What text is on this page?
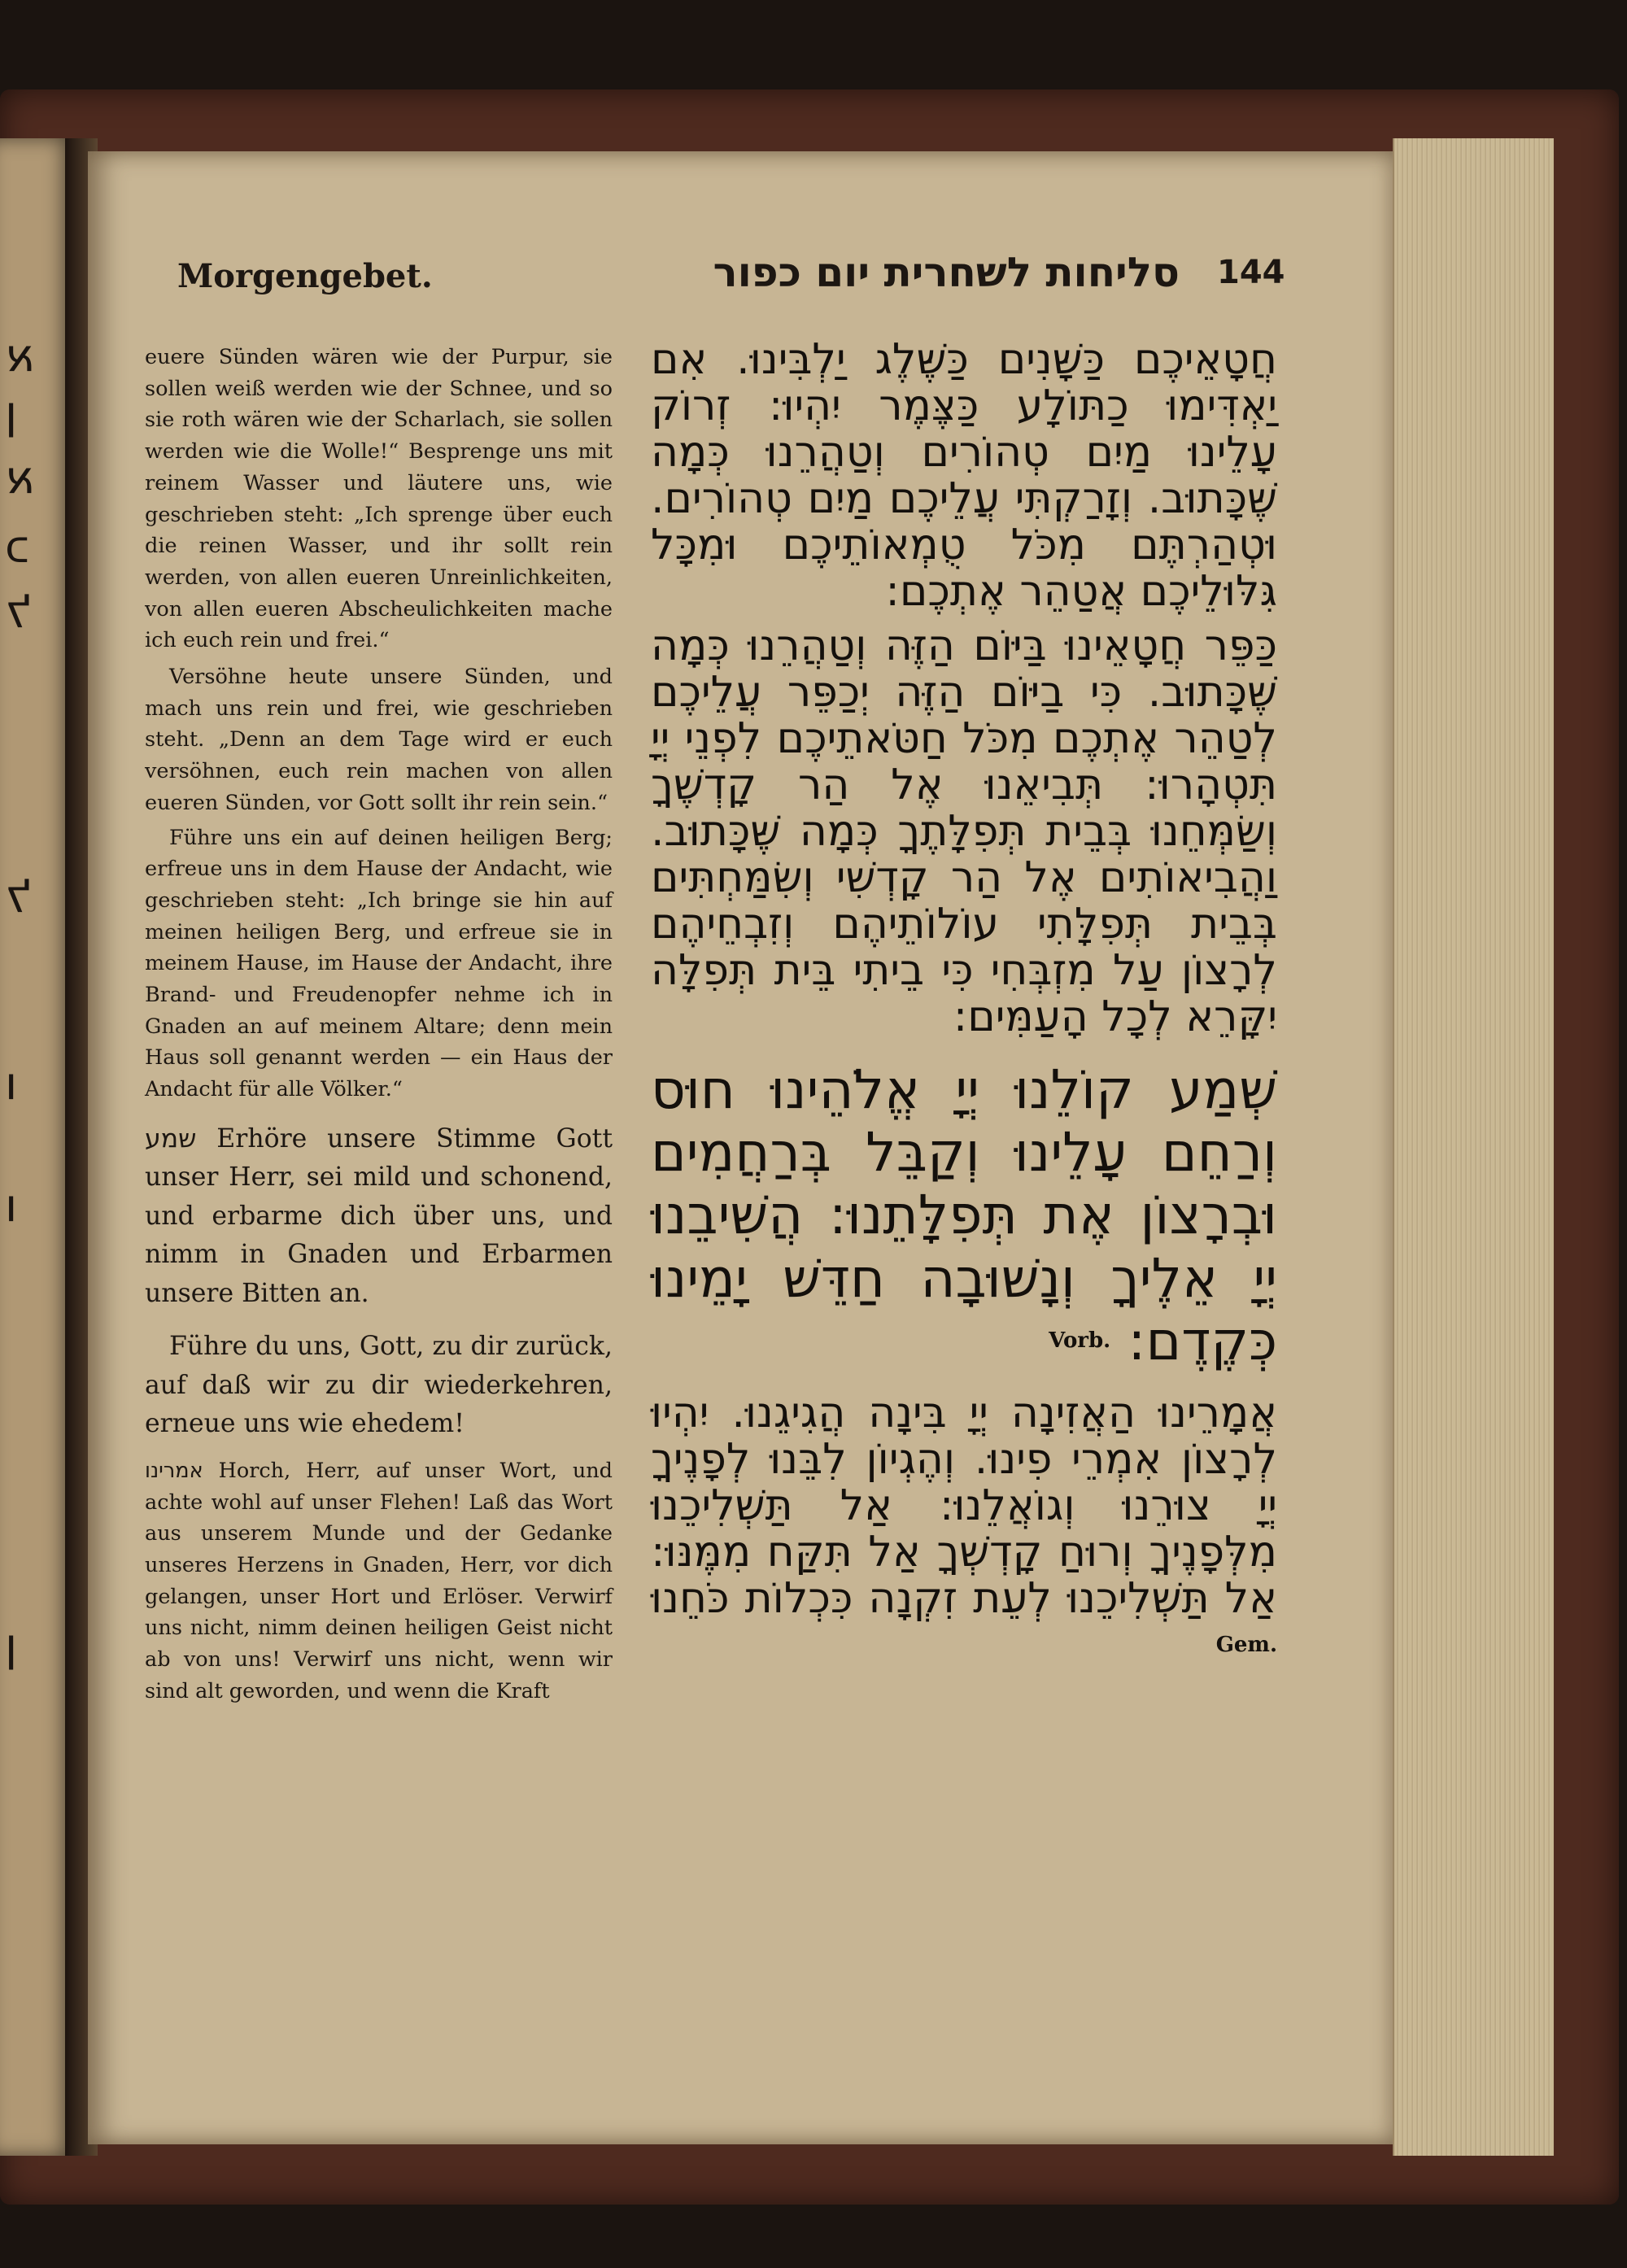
א
ן
א
כ
ל
ל
ו
ו
ן
Morgengebet.	סליחות לשחרית יום כפור 144

euere Sünden wären wie der Purpur, sie sollen weiß werden wie der Schnee, und so sie roth wären wie der Scharlach, sie sollen werden wie die Wolle!“ Besprenge uns mit reinem Wasser und läutere uns, wie geschrieben steht: „Ich sprenge über euch die reinen Wasser, und ihr sollt rein werden, von allen eueren Unreinlichkeiten, von allen eueren Abscheulichkeiten mache ich euch rein und frei.“

Versöhne heute unsere Sünden, und mach uns rein und frei, wie geschrieben steht. „Denn an dem Tage wird er euch versöhnen, euch rein machen von allen eueren Sünden, vor Gott sollt ihr rein sein.“

Führe uns ein auf deinen heiligen Berg; erfreue uns in dem Hause der Andacht, wie geschrieben steht: „Ich bringe sie hin auf meinen heiligen Berg, und erfreue sie in meinem Hause, im Hause der Andacht, ihre Brand- und Freudenopfer nehme ich in Gnaden an auf meinem Altare; denn mein Haus soll genannt werden — ein Haus der Andacht für alle Völker.“

שמע Erhöre unsere Stimme Gott unser Herr, sei mild und schonend, und erbarme dich über uns, und nimm in Gnaden und Erbarmen unsere Bitten an.

Führe du uns, Gott, zu dir zurück, auf daß wir zu dir wiederkehren, erneue uns wie ehedem!

אמרינו Horch, Herr, auf unser Wort, und achte wohl auf unser Flehen! Laß das Wort aus unserem Munde und der Gedanke unseres Herzens in Gnaden, Herr, vor dich gelangen, unser Hort und Erlöser. Verwirf uns nicht, nimm deinen heiligen Geist nicht ab von uns! Verwirf uns nicht, wenn wir sind alt geworden, und wenn die Kraft

חֲטָאֵיכֶם כַּשָּׁנִים כַּשֶּׁלֶג יַלְבִּינוּ. אִם יַאְדִּימוּ כַתּוֹלָע כַּצֶּמֶר יִהְיוּ: זְרוֹק עָלֵינוּ מַיִם טְהוֹרִים וְטַהֲרֵנוּ כְּמָה שֶּׁכָּתוּב. וְזָרַקְתִּי עֲלֵיכֶם מַיִם טְהוֹרִים. וּטְהַרְתֶּם מִכֹּל טֻמְאוֹתֵיכֶם וּמִכָּל גִּלּוּלֵיכֶם אֲטַהֵר אֶתְכֶם:

כַּפֵּר חֲטָאֵינוּ בַּיּוֹם הַזֶּה וְטַהֲרֵנוּ כְּמָה שֶּׁכָּתוּב. כִּי בַיּוֹם הַזֶּה יְכַפֵּר עֲלֵיכֶם לְטַהֵר אֶתְכֶם מִכֹּל חַטֹּאתֵיכֶם לִפְנֵי יְיָ תִּטְהָרוּ: תְּבִיאֵנוּ אֶל הַר קָדְשֶׁךָ וְשַׂמְּחֵנוּ בְּבֵית תְּפִלָּתֶךָ כְּמָה שֶּׁכָּתוּב. וַהֲבִיאוֹתִים אֶל הַר קָדְשִׁי וְשִׂמַּחְתִּים בְּבֵית תְּפִלָּתִי עוֹלוֹתֵיהֶם וְזִבְחֵיהֶם לְרָצוֹן עַל מִזְבְּחִי כִּי בֵיתִי בֵּית תְּפִלָּה יִקָּרֵא לְכָל הָעַמִּים:

שְׁמַע קוֹלֵנוּ יְיָ אֱלֹהֵינוּ חוּס וְרַחֵם עָלֵינוּ וְקַבֵּל בְּרַחֲמִים וּבְרָצוֹן אֶת תְּפִלָּתֵנוּ: הֲשִׁיבֵנוּ יְיָ אֵלֶיךָ וְנָשׁוּבָה חַדֵּשׁ יָמֵינוּ כְּקֶדֶם: $^{Vorb.}$

אֲמָרֵינוּ הַאֲזִינָה יְיָ בִּינָה הֲגִיגֵנוּ. יִהְיוּ לְרָצוֹן אִמְרֵי פִינוּ. וְהֶגְיוֹן לִבֵּנוּ לְפָנֶיךָ יְיָ צוּרֵנוּ וְגוֹאֲלֵנוּ: אַל תַּשְׁלִיכֵנוּ מִלְּפָנֶיךָ וְרוּחַ קָדְשְׁךָ אַל תִּקַּח מִמֶּנּוּ: אַל תַּשְׁלִיכֵנוּ לְעֵת זִקְנָה כִּכְלוֹת כֹּחֵנוּ $^{Gem.}$
